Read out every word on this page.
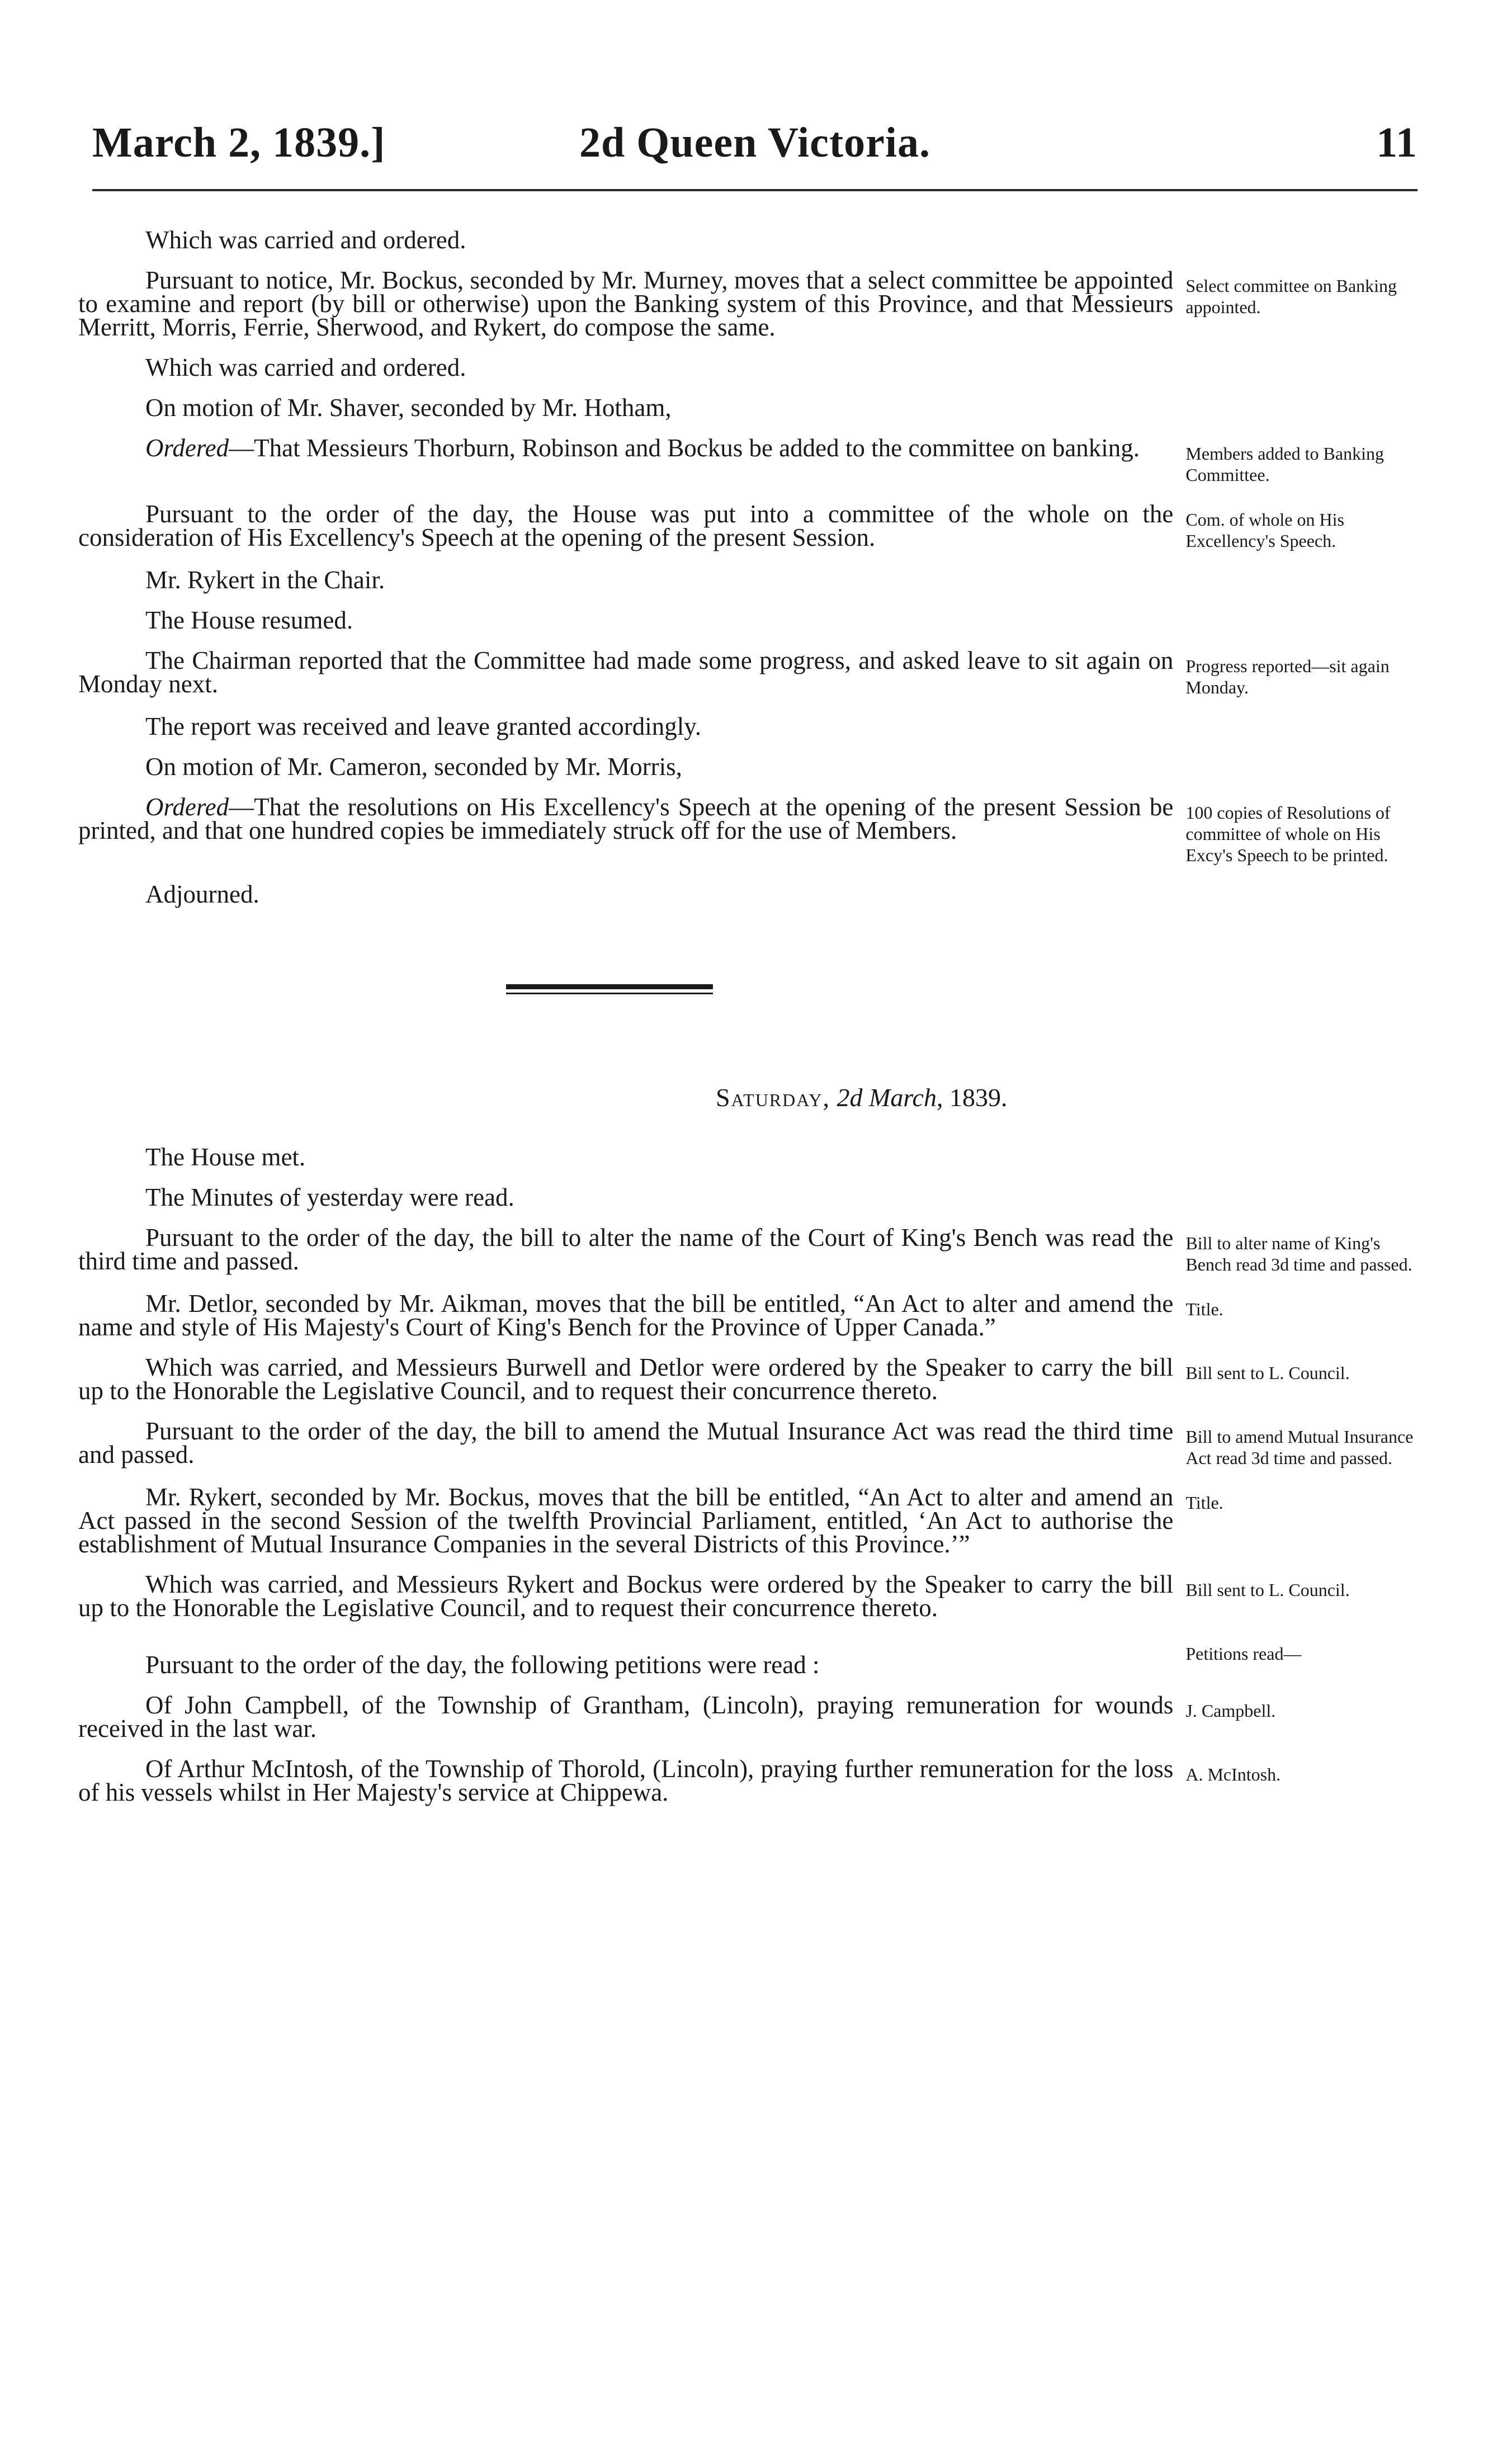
March 2, 1839.]	2d Queen Victoria.	11
Which was carried and ordered.
Pursuant to notice, Mr. Bockus, seconded by Mr. Murney, moves that a select committee be appointed to examine and report (by bill or otherwise) upon the Banking system of this Province, and that Messieurs Merritt, Morris, Ferrie, Sherwood, and Rykert, do compose the same.
Select committee on Banking appointed.
Which was carried and ordered.
On motion of Mr. Shaver, seconded by Mr. Hotham,
Ordered—That Messieurs Thorburn, Robinson and Bockus be added to the committee on banking.	Members added to Banking Committee.
Pursuant to the order of the day, the House was put into a committee of the whole on the consideration of His Excellency's Speech at the opening of the present Session.
Com. of whole on His Excellency's Speech.
Mr. Rykert in the Chair.
The House resumed.
The Chairman reported that the Committee had made some progress, and asked leave to sit again on Monday next.
Progress reported—sit again Monday.
The report was received and leave granted accordingly.
On motion of Mr. Cameron, seconded by Mr. Morris,
Ordered—That the resolutions on His Excellency's Speech at the opening of the present Session be printed, and that one hundred copies be immediately struck off for the use of Members.
100 copies of Resolutions of committee of whole on His Excy's Speech to be printed.
Adjourned.
Saturday, 2d March, 1839.
The House met.
The Minutes of yesterday were read.
Pursuant to the order of the day, the bill to alter the name of the Court of King's Bench was read the third time and passed.
Bill to alter name of King's Bench read 3d time and passed.
Mr. Detlor, seconded by Mr. Aikman, moves that the bill be entitled, “An Act to alter and amend the name and style of His Majesty's Court of King's Bench for the Province of Upper Canada.”
Title.
Which was carried, and Messieurs Burwell and Detlor were ordered by the Speaker to carry the bill up to the Honorable the Legislative Council, and to request their concurrence thereto.
Bill sent to L. Council.
Pursuant to the order of the day, the bill to amend the Mutual Insurance Act was read the third time and passed.
Bill to amend Mutual Insurance Act read 3d time and passed.
Mr. Rykert, seconded by Mr. Bockus, moves that the bill be entitled, “An Act to alter and amend an Act passed in the second Session of the twelfth Provincial Parliament, entitled, ‘An Act to authorise the establishment of Mutual Insurance Companies in the several Districts of this Province.’”
Title.
Which was carried, and Messieurs Rykert and Bockus were ordered by the Speaker to carry the bill up to the Honorable the Legislative Council, and to request their concurrence thereto.
Bill sent to L. Council.
Pursuant to the order of the day, the following petitions were read :	Petitions read—
Of John Campbell, of the Township of Grantham, (Lincoln), praying remuneration for wounds received in the last war.
J. Campbell.
Of Arthur McIntosh, of the Township of Thorold, (Lincoln), praying further remuneration for the loss of his vessels whilst in Her Majesty's service at Chippewa.
A. McIntosh.
